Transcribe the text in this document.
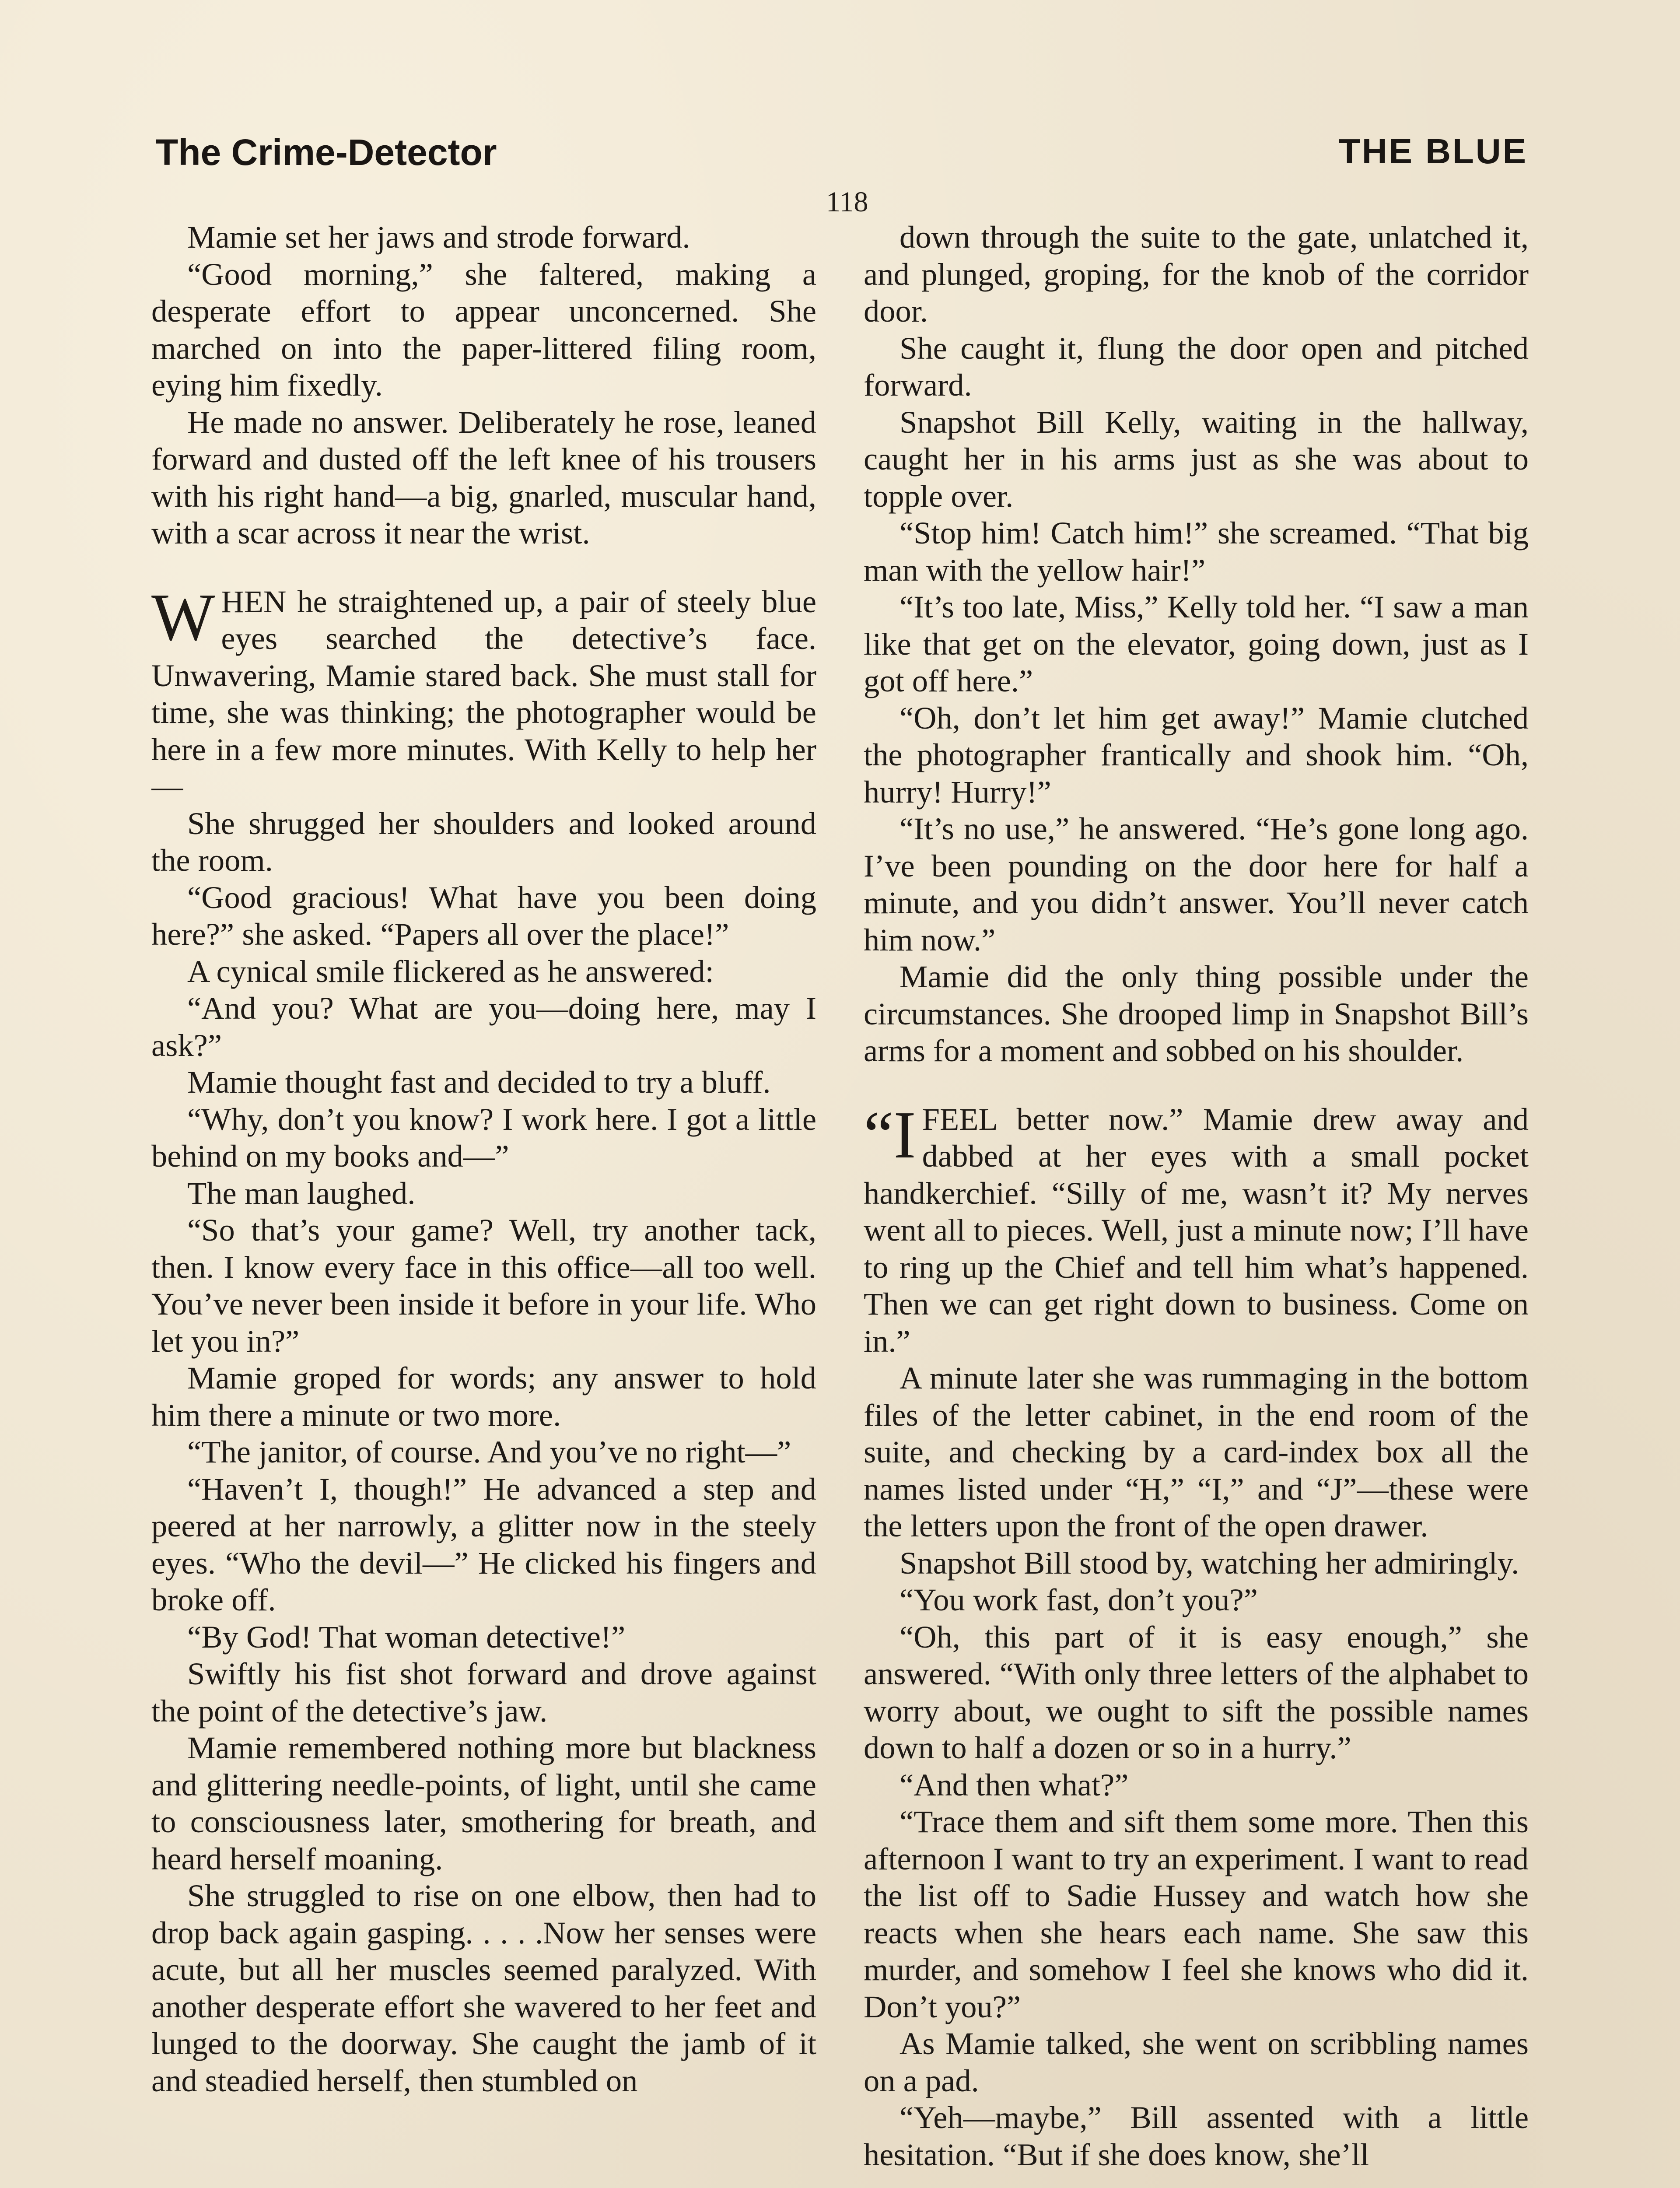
The Crime-Detector	THE BLUE
118

Mamie set her jaws and strode forward.

“Good morning,” she faltered, making a desperate effort to appear unconcerned. She marched on into the paper-littered filing room, eying him fixedly.

He made no answer. Deliberately he rose, leaned forward and dusted off the left knee of his trousers with his right hand—a big, gnarled, muscular hand, with a scar across it near the wrist.

WHEN he straightened up, a pair of steely blue eyes searched the detective’s face. Unwavering, Mamie stared back. She must stall for time, she was thinking; the photographer would be here in a few more minutes. With Kelly to help her—

She shrugged her shoulders and looked around the room.

“Good gracious! What have you been doing here?” she asked. “Papers all over the place!”

A cynical smile flickered as he answered:

“And you? What are you—doing here, may I ask?”

Mamie thought fast and decided to try a bluff.

“Why, don’t you know? I work here. I got a little behind on my books and—”

The man laughed.

“So that’s your game? Well, try another tack, then. I know every face in this office—all too well. You’ve never been inside it before in your life. Who let you in?”

Mamie groped for words; any answer to hold him there a minute or two more.

“The janitor, of course. And you’ve no right—”

“Haven’t I, though!” He advanced a step and peered at her narrowly, a glitter now in the steely eyes. “Who the devil—” He clicked his fingers and broke off.

“By God! That woman detective!”

Swiftly his fist shot forward and drove against the point of the detective’s jaw.

Mamie remembered nothing more but blackness and glittering needle-points, of light, until she came to consciousness later, smothering for breath, and heard herself moaning.

She struggled to rise on one elbow, then had to drop back again gasping. . . . .Now her senses were acute, but all her muscles seemed paralyzed. With another desperate effort she wavered to her feet and lunged to the doorway. She caught the jamb of it and steadied herself, then stumbled on

down through the suite to the gate, unlatched it, and plunged, groping, for the knob of the corridor door.

She caught it, flung the door open and pitched forward.

Snapshot Bill Kelly, waiting in the hallway, caught her in his arms just as she was about to topple over.

“Stop him! Catch him!” she screamed. “That big man with the yellow hair!”

“It’s too late, Miss,” Kelly told her. “I saw a man like that get on the elevator, going down, just as I got off here.”

“Oh, don’t let him get away!” Mamie clutched the photographer frantically and shook him. “Oh, hurry! Hurry!”

“It’s no use,” he answered. “He’s gone long ago. I’ve been pounding on the door here for half a minute, and you didn’t answer. You’ll never catch him now.”

Mamie did the only thing possible under the circumstances. She drooped limp in Snapshot Bill’s arms for a moment and sobbed on his shoulder.

“IFEEL better now.” Mamie drew away and dabbed at her eyes with a small pocket handkerchief. “Silly of me, wasn’t it? My nerves went all to pieces. Well, just a minute now; I’ll have to ring up the Chief and tell him what’s happened. Then we can get right down to business. Come on in.”

A minute later she was rummaging in the bottom files of the letter cabinet, in the end room of the suite, and checking by a card-index box all the names listed under “H,” “I,” and “J”—these were the letters upon the front of the open drawer.

Snapshot Bill stood by, watching her admiringly.

“You work fast, don’t you?”

“Oh, this part of it is easy enough,” she answered. “With only three letters of the alphabet to worry about, we ought to sift the possible names down to half a dozen or so in a hurry.”

“And then what?”

“Trace them and sift them some more. Then this afternoon I want to try an experiment. I want to read the list off to Sadie Hussey and watch how she reacts when she hears each name. She saw this murder, and somehow I feel she knows who did it. Don’t you?”

As Mamie talked, she went on scribbling names on a pad.

“Yeh—maybe,” Bill assented with a little hesitation. “But if she does know, she’ll
